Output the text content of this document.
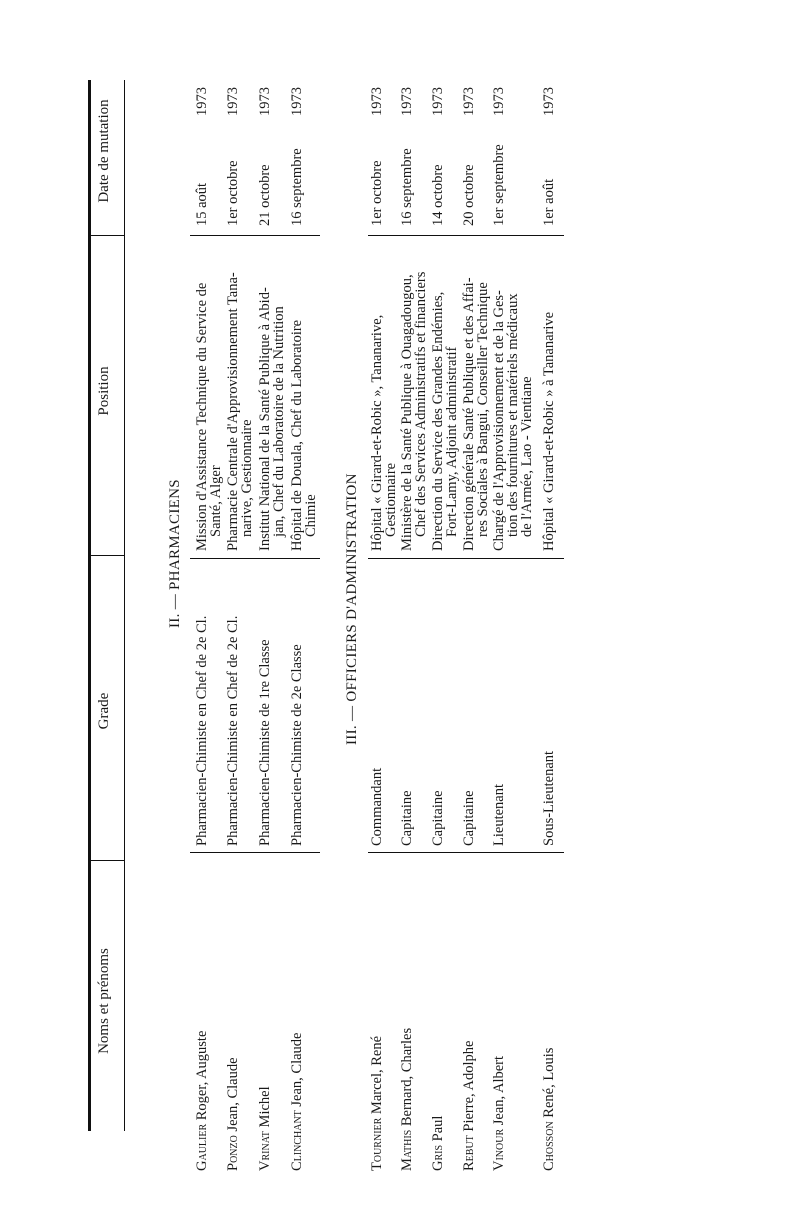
Noms et prénoms
Grade
Position
Date de mutation
II. — PHARMACIENS	III. — OFFICIERS D'ADMINISTRATION
Gaulier Roger, Auguste
Pharmacien-Chimiste en Chef de 2e Cl.
Mission d'Assistance Technique du Service de
Santé, Alger
15 août
1973
Ponzo Jean, Claude
Pharmacien-Chimiste en Chef de 2e Cl.
Pharmacie Centrale d'Approvisionnement Tana-
narive, Gestionnaire
1er octobre
1973
Vrinat Michel
Pharmacien-Chimiste de 1re Classe
Institut National de la Santé Publique à Abid-
jan, Chef du Laboratoire de la Nutrition
21 octobre
1973
Clinchant Jean, Claude
Pharmacien-Chimiste de 2e Classe
Hôpital de Douala, Chef du Laboratoire
Chimie
16 septembre
1973
Tournier Marcel, René
Commandant
Hôpital « Girard-et-Robic », Tananarive,
Gestionnaire
1er octobre
1973
Mathis Bernard, Charles
Capitaine
Ministère de la Santé Publique à Ouagadougou,
Chef des Services Administratifs et financiers
16 septembre
1973
Gris Paul
Capitaine
Direction du Service des Grandes Endémies,
Fort-Lamy, Adjoint administratif
14 octobre
1973
Rebut Pierre, Adolphe
Capitaine
Direction générale Santé Publique et des Affai-
res Sociales à Bangui, Conseiller Technique
20 octobre
1973
Vinour Jean, Albert
Lieutenant
Chargé de l'Approvisionnement et de la Ges-
tion des fournitures et matériels médicaux
de l'Armée, Lao - Vientiane
1er septembre
1973
Chosson René, Louis
Sous-Lieutenant
Hôpital « Girard-et-Robic » à Tananarive
1er août
1973
